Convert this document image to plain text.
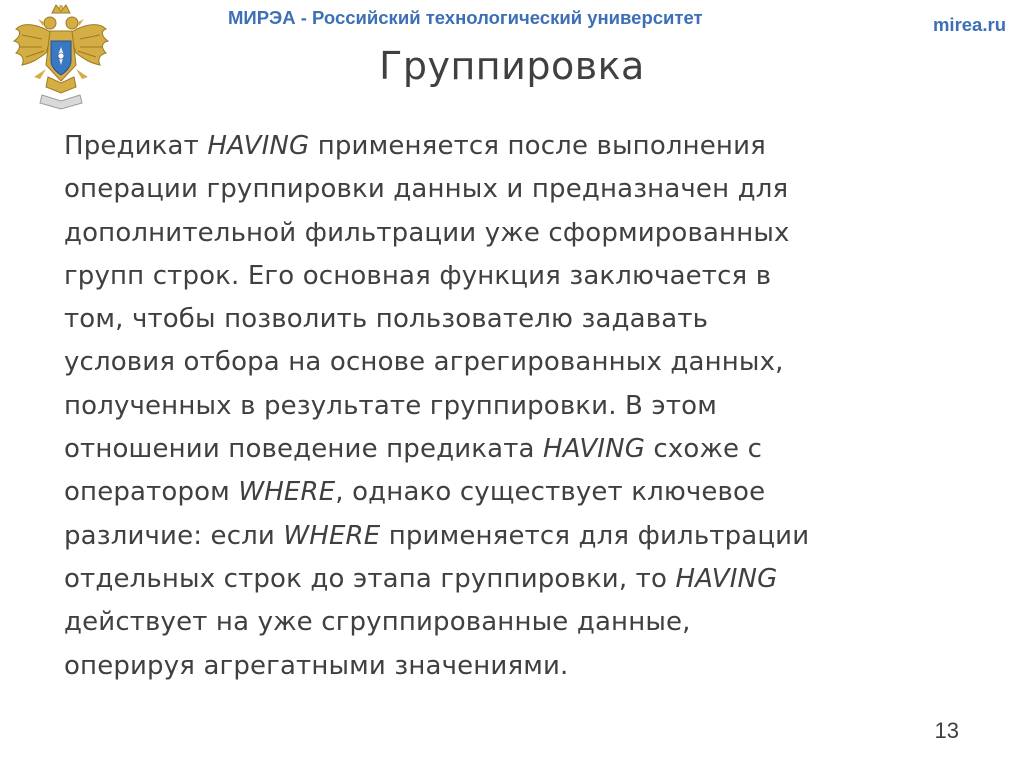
МИРЭА - Российский технологический университет	mirea.ru
Группировка
Предикат HAVING применяется после выполнения
операции группировки данных и предназначен для
дополнительной фильтрации уже сформированных
групп строк. Его основная функция заключается в
том, чтобы позволить пользователю задавать
условия отбора на основе агрегированных данных,
полученных в результате группировки. В этом
отношении поведение предиката HAVING схоже с
оператором WHERE, однако существует ключевое
различие: если WHERE применяется для фильтрации
отдельных строк до этапа группировки, то HAVING
действует на уже сгруппированные данные,
оперируя агрегатными значениями.
13
